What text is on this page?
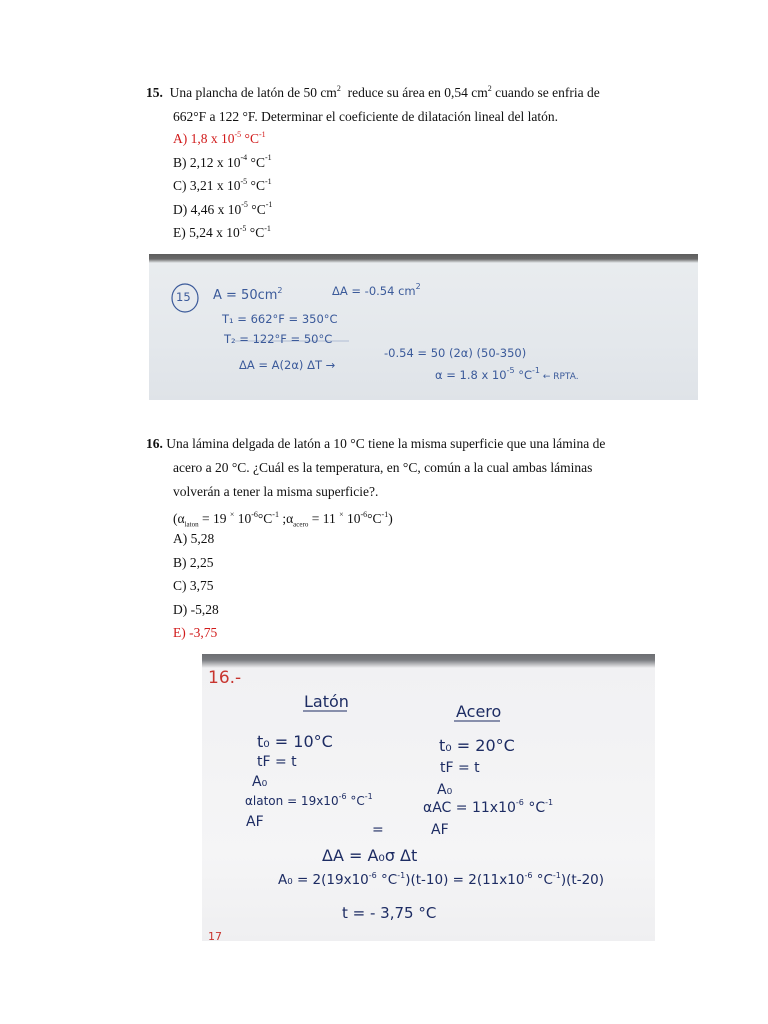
15. Una plancha de latón de 50 $cm^2$  reduce su área en 0,54 $cm^2$ cuando se enfria de

662°F a 122 °F. Determinar el coeficiente de dilatación lineal del latón.

A) 1,8 x $10^{-5}$ $^\circ C^{-1}$
B) 2,12 x $10^{-4}$ $^\circ C^{-1}$
C) 3,21 x $10^{-5}$ $^\circ C^{-1}$
D) 4,46 x $10^{-5}$ $^\circ C^{-1}$
E) 5,24 x $10^{-5}$ $^\circ C^{-1}$
15 $A = 50cm^2$	ΔA = -0.54 $cm^2$
T₁ = 662°F = 350°C
T₂ = 122°F = 50°C
ΔA = A(2α) ΔT →
-0.54 = 50 (2α) (50-350)
α = 1.8 x $10^{-5}$ $^\circ C^{-1}$ ← RPTA.

16. Una lámina delgada de latón a 10 °C tiene la misma superficie que una lámina de

acero a 20 °C. ¿Cuál es la temperatura, en °C, común a la cual ambas láminas

volverán a tener la misma superficie?.

($\alpha_{laton} = 19$ × $10^{-6}^\circ C^{-1}$ $;\alpha_{acero} = 11$ × $10^{-6}^\circ C^{-1}$)
A) 5,28
B) 2,25
C) 3,75
D) -5,28
E) -3,75
16.-
Latón
Acero
t₀ = 10°C
tF = t
A₀
αlaton = $19x10^{-6}$ $^\circ C^{-1}$
AF
t₀ = 20°C
tF = t
A₀
$\alpha AC = 11x10^{-6}$ $^\circ C^{-1}$
AF
=
ΔA = A₀σ Δt
$A_0 = 2(19x10^{-6}$ $^\circ C^{-1})(t-10) = 2(11x10^{-6}$ $^\circ C^{-1})(t-20)$
t = - 3,75 °C
17
